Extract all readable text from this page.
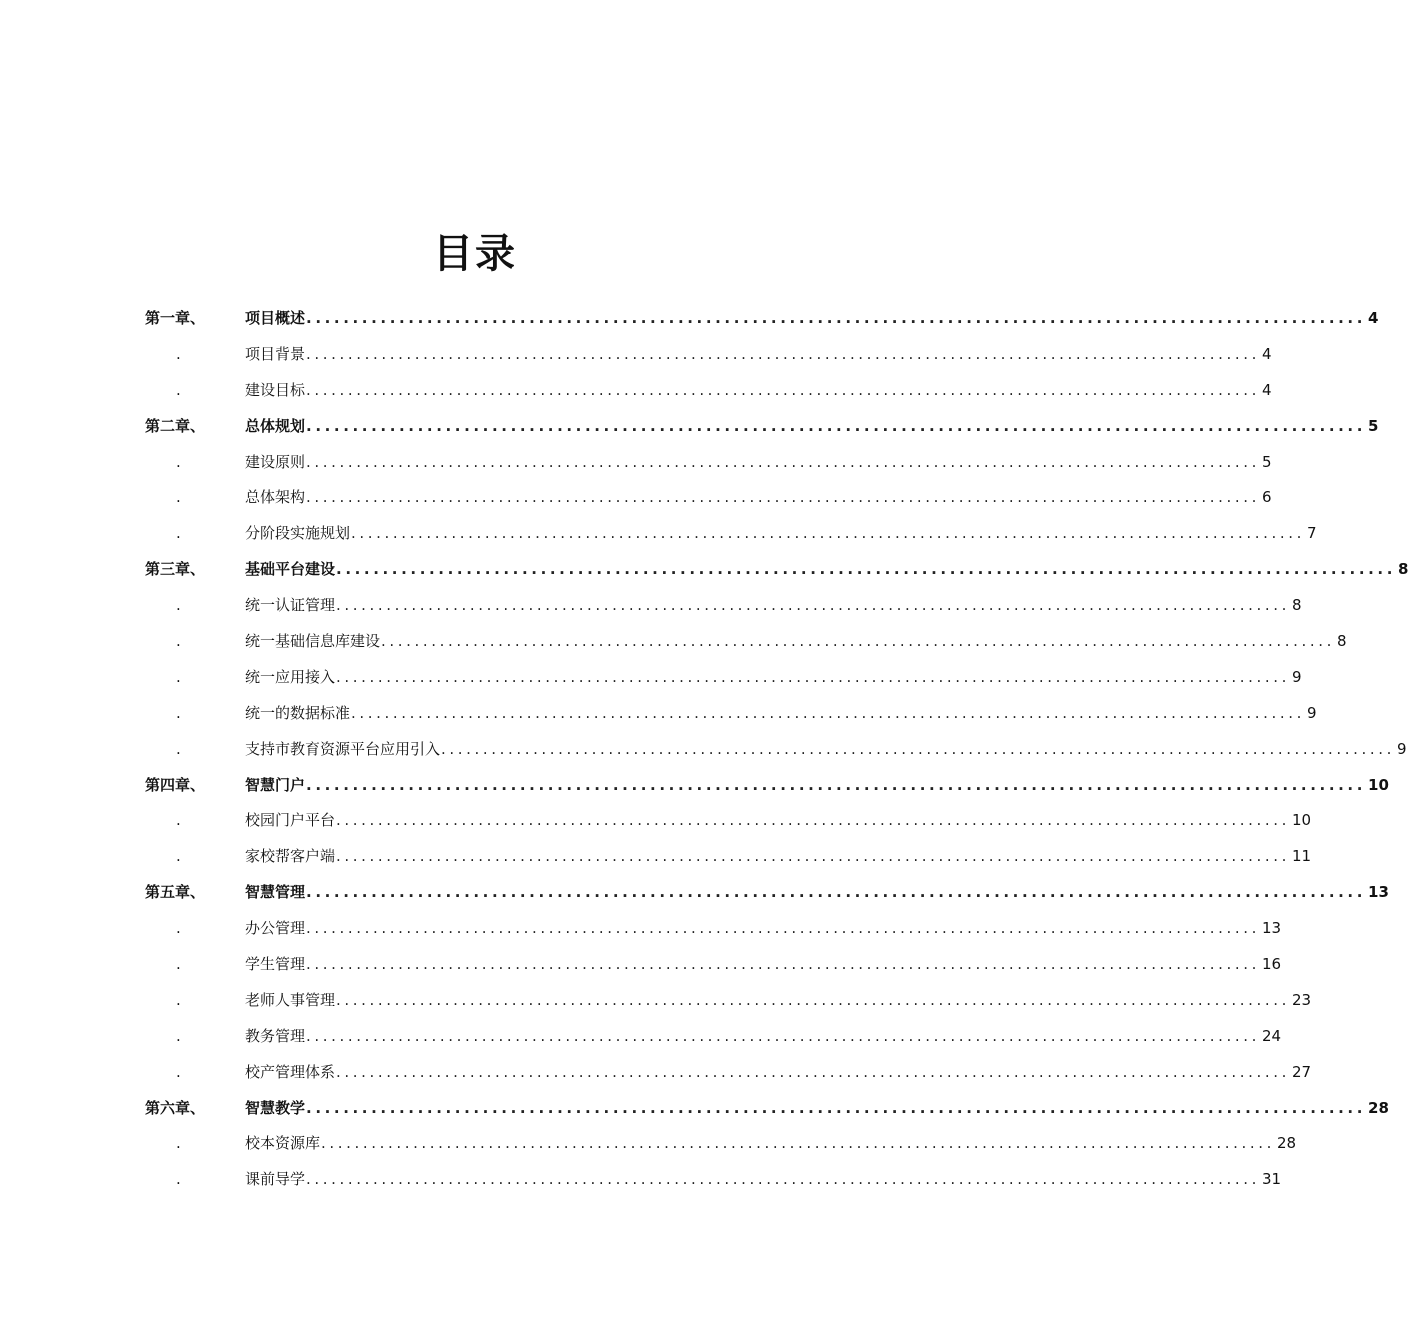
目录
第一章、	项目概述 .................................................................................................................. 4
.	项目背景 .................................................................................................................. 4
.	建设目标 .................................................................................................................. 4
第二章、	总体规划 .................................................................................................................. 5
.	建设原则 .................................................................................................................. 5
.	总体架构 .................................................................................................................. 6
.	分阶段实施规划 .................................................................................................................. 7
第三章、	基础平台建设 .................................................................................................................. 8
.	统一认证管理 .................................................................................................................. 8
.	统一基础信息库建设 .................................................................................................................. 8
.	统一应用接入 .................................................................................................................. 9
.	统一的数据标准 .................................................................................................................. 9
.	支持市教育资源平台应用引入 .................................................................................................................. 9
第四章、	智慧门户 .................................................................................................................. 10
.	校园门户平台 .................................................................................................................. 10
.	家校帮客户端 .................................................................................................................. 11
第五章、	智慧管理 .................................................................................................................. 13
.	办公管理 .................................................................................................................. 13
.	学生管理 .................................................................................................................. 16
.	老师人事管理 .................................................................................................................. 23
.	教务管理 .................................................................................................................. 24
.	校产管理体系 .................................................................................................................. 27
第六章、	智慧教学 .................................................................................................................. 28
.	校本资源库 .................................................................................................................. 28
.	课前导学 .................................................................................................................. 31
